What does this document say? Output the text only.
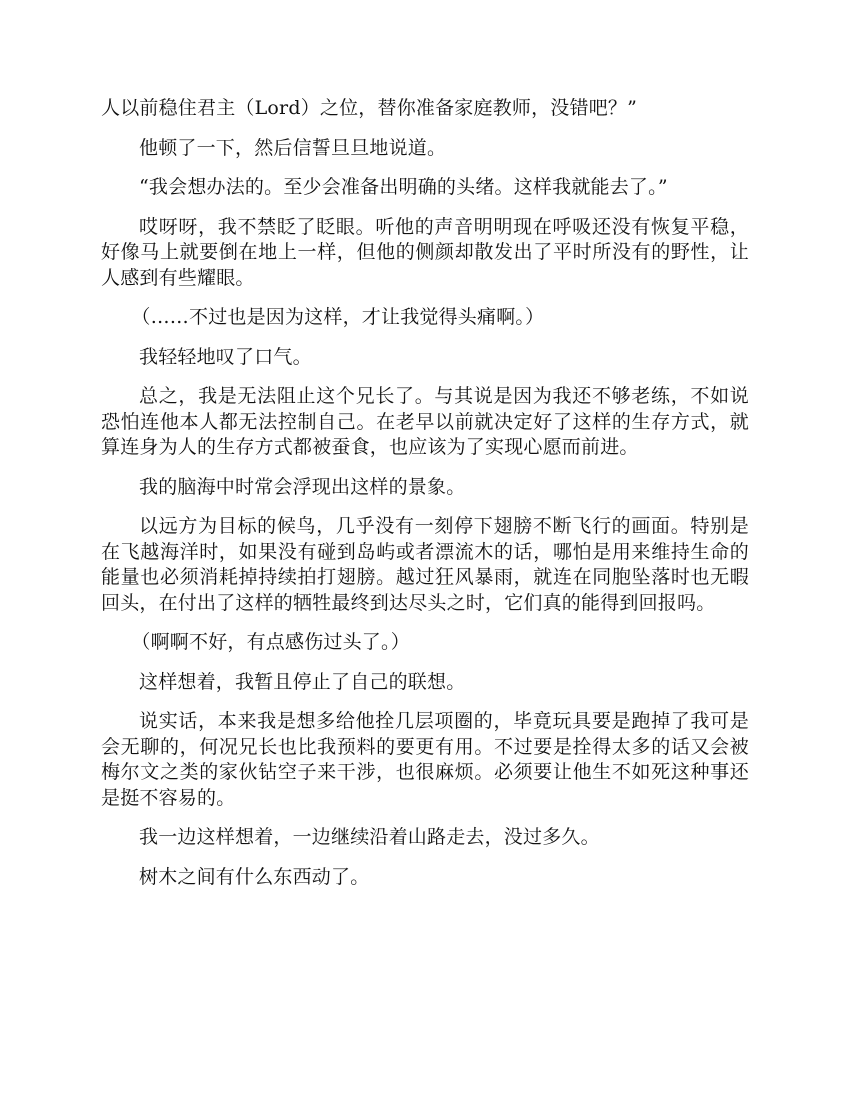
人以前稳住君主（Lord）之位，替你准备家庭教师，没错吧？”

他顿了一下，然后信誓旦旦地说道。

“我会想办法的。至少会准备出明确的头绪。这样我就能去了。”

哎呀呀，我不禁眨了眨眼。听他的声音明明现在呼吸还没有恢复平稳，好像马上就要倒在地上一样，但他的侧颜却散发出了平时所没有的野性，让人感到有些耀眼。

（……不过也是因为这样，才让我觉得头痛啊。）

我轻轻地叹了口气。

总之，我是无法阻止这个兄长了。与其说是因为我还不够老练，不如说恐怕连他本人都无法控制自己。在老早以前就决定好了这样的生存方式，就算连身为人的生存方式都被蚕食，也应该为了实现心愿而前进。

我的脑海中时常会浮现出这样的景象。

以远方为目标的候鸟，几乎没有一刻停下翅膀不断飞行的画面。特别是在飞越海洋时，如果没有碰到岛屿或者漂流木的话，哪怕是用来维持生命的能量也必须消耗掉持续拍打翅膀。越过狂风暴雨，就连在同胞坠落时也无暇回头，在付出了这样的牺牲最终到达尽头之时，它们真的能得到回报吗。

（啊啊不好，有点感伤过头了。）

这样想着，我暂且停止了自己的联想。

说实话，本来我是想多给他拴几层项圈的，毕竟玩具要是跑掉了我可是会无聊的，何况兄长也比我预料的要更有用。不过要是拴得太多的话又会被梅尔文之类的家伙钻空子来干涉，也很麻烦。必须要让他生不如死这种事还是挺不容易的。

我一边这样想着，一边继续沿着山路走去，没过多久。

树木之间有什么东西动了。
